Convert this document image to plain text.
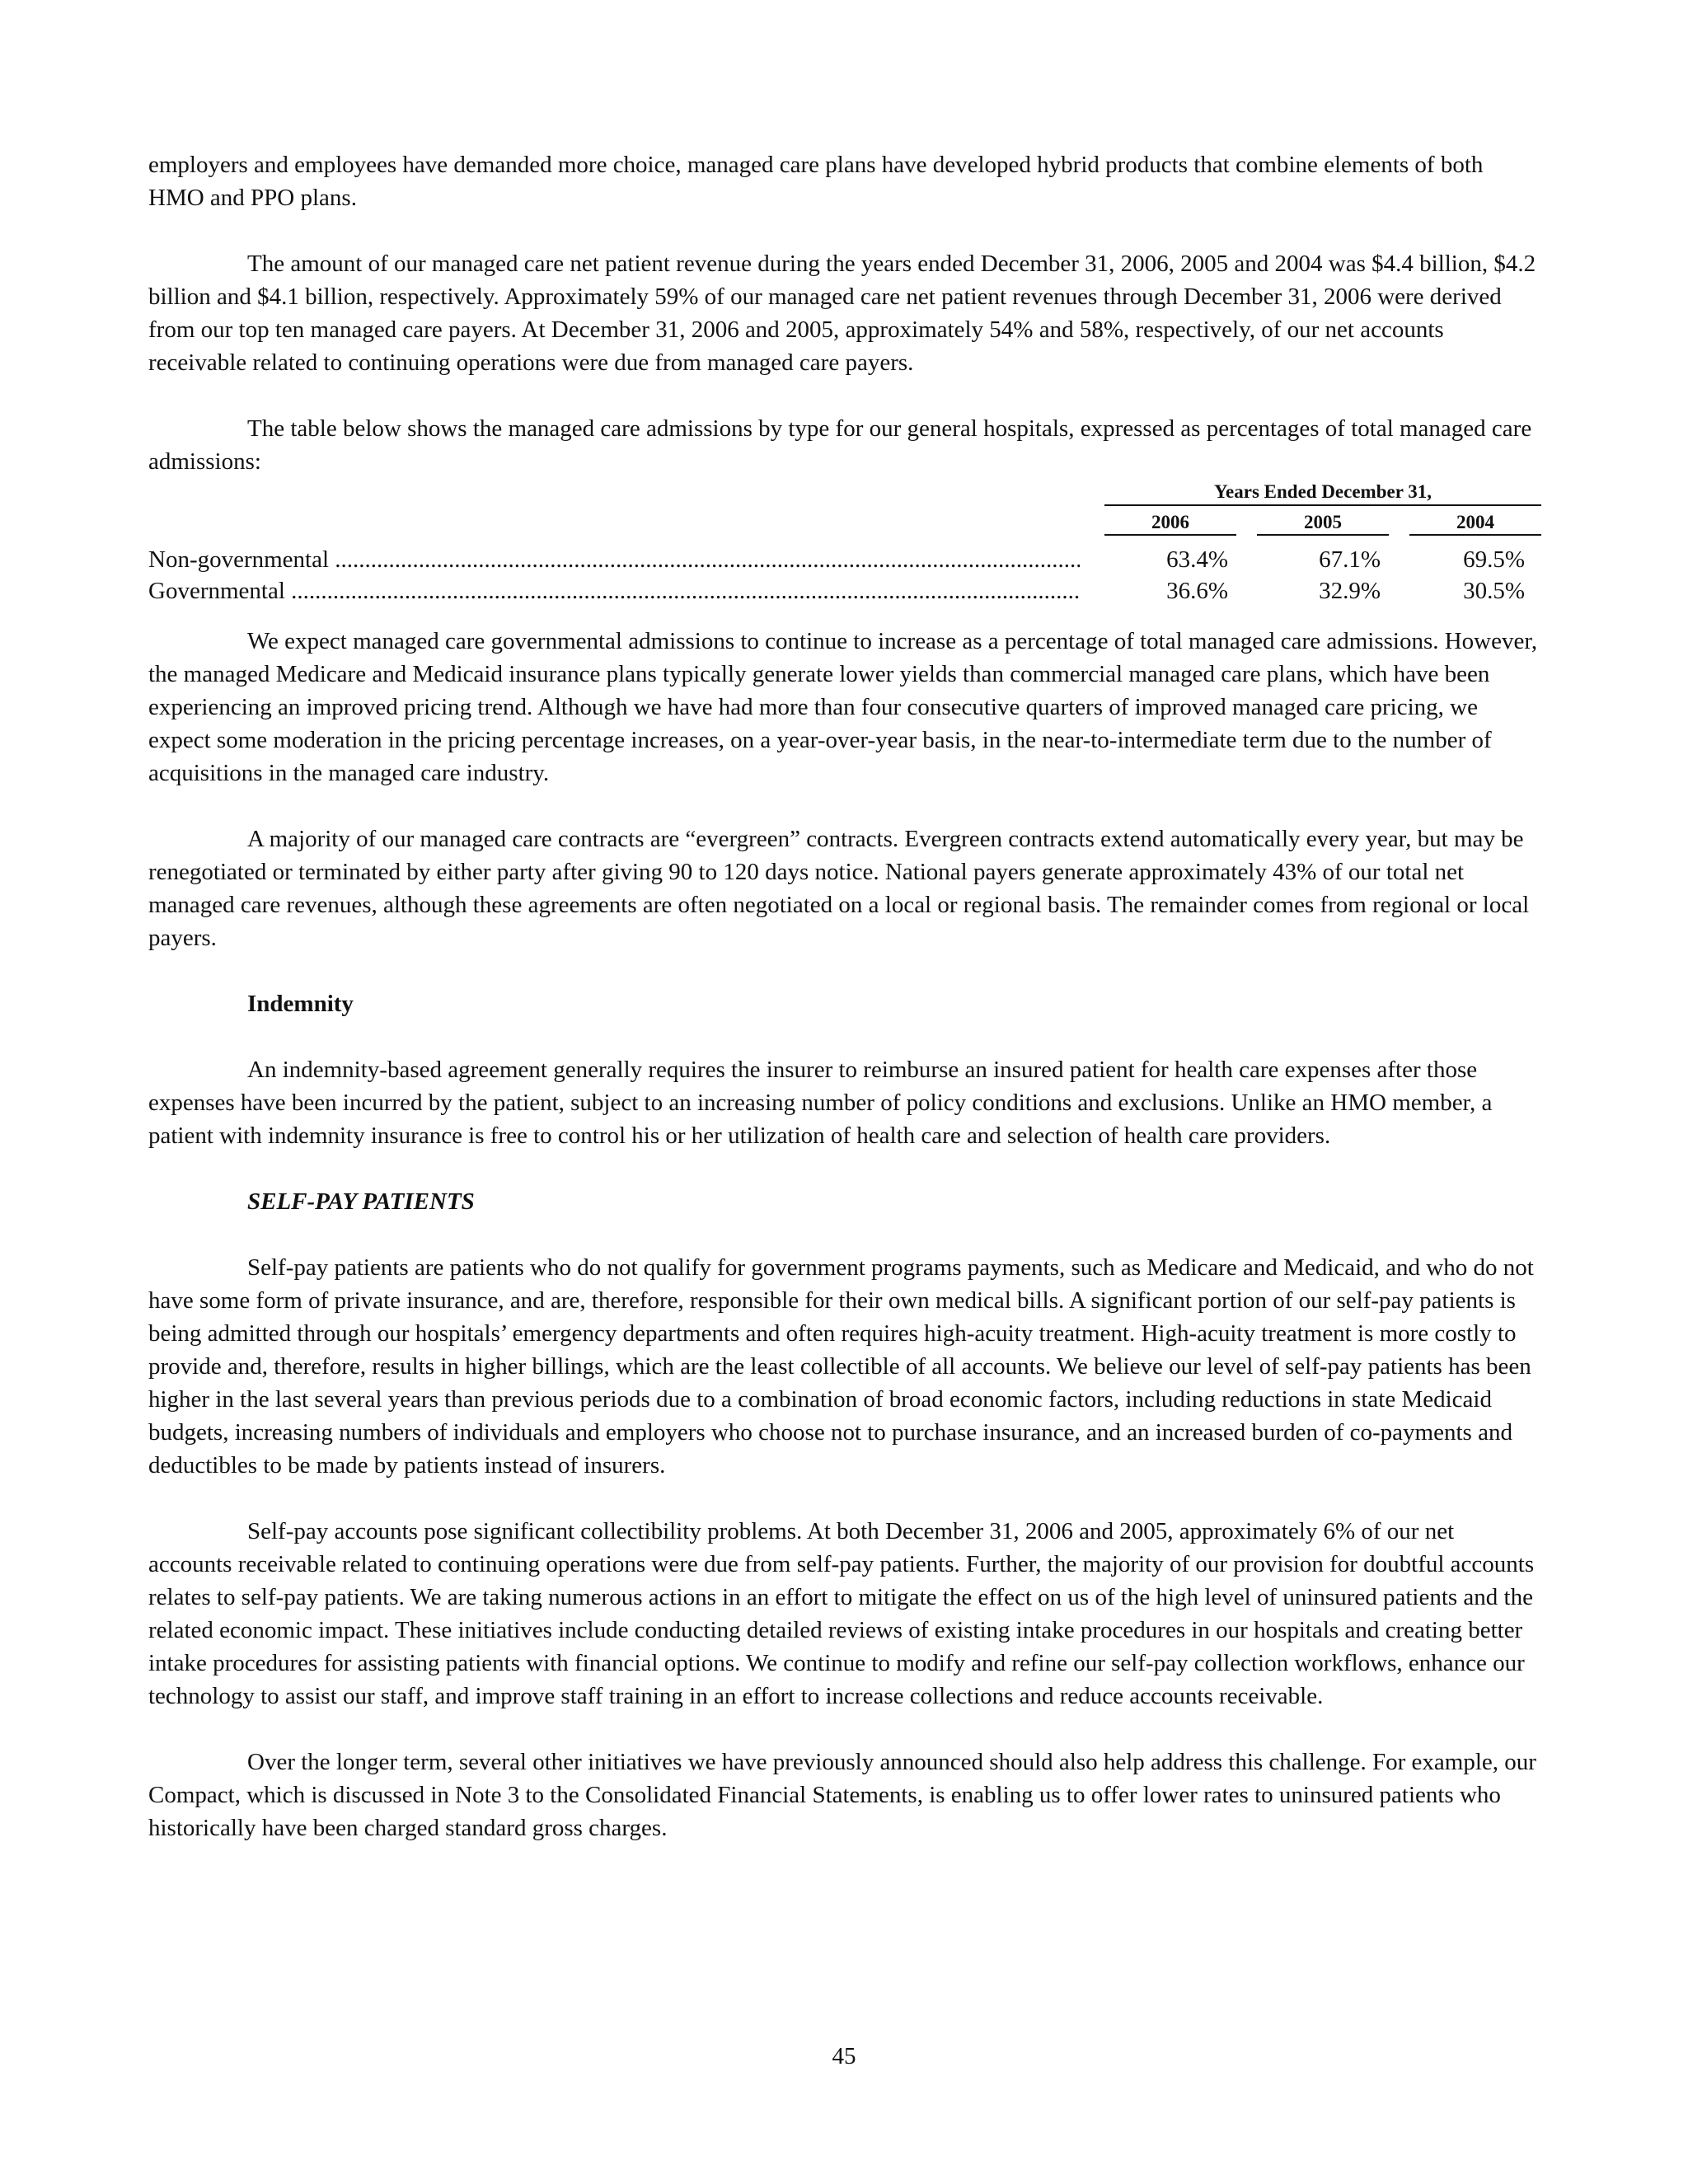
employers and employees have demanded more choice, managed care plans have developed hybrid products that combine elements of both HMO and PPO plans.

The amount of our managed care net patient revenue during the years ended December 31, 2006, 2005 and 2004 was $4.4 billion, $4.2 billion and $4.1 billion, respectively. Approximately 59% of our managed care net patient revenues through December 31, 2006 were derived from our top ten managed care payers. At December 31, 2006 and 2005, approximately 54% and 58%, respectively, of our net accounts receivable related to continuing operations were due from managed care payers.

The table below shows the managed care admissions by type for our general hospitals, expressed as percentages of total managed care admissions:

Years Ended December 31,
2006	2005	2004
Non-governmental .....	63.4%	67.1%	69.5%
Governmental .....	36.6%	32.9%	30.5%

We expect managed care governmental admissions to continue to increase as a percentage of total managed care admissions. However, the managed Medicare and Medicaid insurance plans typically generate lower yields than commercial managed care plans, which have been experiencing an improved pricing trend. Although we have had more than four consecutive quarters of improved managed care pricing, we expect some moderation in the pricing percentage increases, on a year-over-year basis, in the near-to-intermediate term due to the number of acquisitions in the managed care industry.

A majority of our managed care contracts are “evergreen” contracts. Evergreen contracts extend automatically every year, but may be renegotiated or terminated by either party after giving 90 to 120 days notice. National payers generate approximately 43% of our total net managed care revenues, although these agreements are often negotiated on a local or regional basis. The remainder comes from regional or local payers.

Indemnity

An indemnity-based agreement generally requires the insurer to reimburse an insured patient for health care expenses after those expenses have been incurred by the patient, subject to an increasing number of policy conditions and exclusions. Unlike an HMO member, a patient with indemnity insurance is free to control his or her utilization of health care and selection of health care providers.

SELF-PAY PATIENTS

Self-pay patients are patients who do not qualify for government programs payments, such as Medicare and Medicaid, and who do not have some form of private insurance, and are, therefore, responsible for their own medical bills. A significant portion of our self-pay patients is being admitted through our hospitals’ emergency departments and often requires high-acuity treatment. High-acuity treatment is more costly to provide and, therefore, results in higher billings, which are the least collectible of all accounts. We believe our level of self-pay patients has been higher in the last several years than previous periods due to a combination of broad economic factors, including reductions in state Medicaid budgets, increasing numbers of individuals and employers who choose not to purchase insurance, and an increased burden of co-payments and deductibles to be made by patients instead of insurers.

Self-pay accounts pose significant collectibility problems. At both December 31, 2006 and 2005, approximately 6% of our net accounts receivable related to continuing operations were due from self-pay patients. Further, the majority of our provision for doubtful accounts relates to self-pay patients. We are taking numerous actions in an effort to mitigate the effect on us of the high level of uninsured patients and the related economic impact. These initiatives include conducting detailed reviews of existing intake procedures in our hospitals and creating better intake procedures for assisting patients with financial options. We continue to modify and refine our self-pay collection workflows, enhance our technology to assist our staff, and improve staff training in an effort to increase collections and reduce accounts receivable.

Over the longer term, several other initiatives we have previously announced should also help address this challenge. For example, our Compact, which is discussed in Note 3 to the Consolidated Financial Statements, is enabling us to offer lower rates to uninsured patients who historically have been charged standard gross charges.

45
